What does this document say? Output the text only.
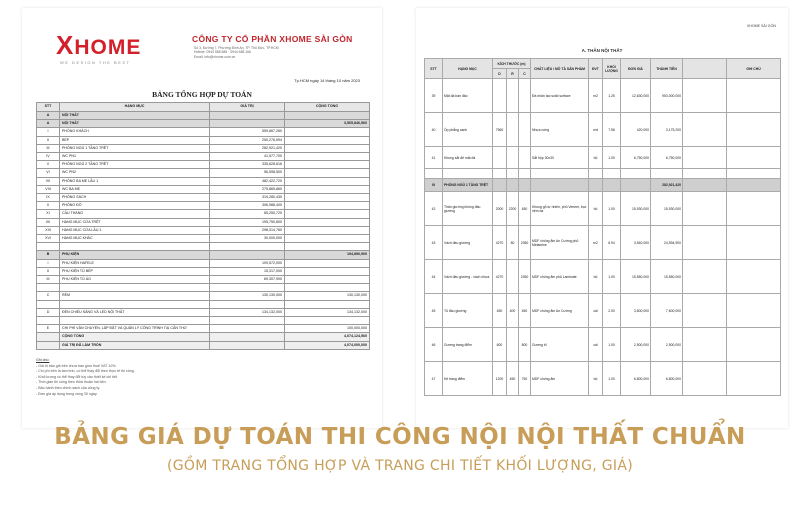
XHOME
WE DESIGN THE BEST
CÔNG TY CỔ PHẦN XHOME SÀI GÒN
Số 3, Đường 7, Phường Bình An, TP. Thủ Đức, TP.HCM
Hotline: 0944 588 688 · 0944 688 166
Email: info@xhome.com.vn
Tp.HCM ngày 14 tháng 10 năm 2023
BẢNG TỔNG HỢP DỰ TOÁN
STT	HẠNG MỤC	GIÁ TRỊ	CỘNG TỔNG
A	NỘI THẤT		
A	NỘI THẤT		3,565,846,560
I	PHÒNG KHÁCH	559,667,260	
II	BẾP	250,276,594	
III	PHÒNG NGỦ 1 TẦNG TRỆT	282,921,420	
IV	WC PN1	41,577,700	
V	PHÒNG NGỦ 2 TẦNG TRỆT	335,628,616	
VI	WC PN2	56,598,500	
VII	PHÒNG BA MẸ LẦU 1	482,422,720	
VIII	WC BA MẸ	275,865,860	
IX	PHÒNG SÁCH	319,280,430	
X	PHÒNG ĐỒ	306,988,400	
XI	CẦU THANG	65,250,720	
XII	HẠNG MỤC CỬA TRỆT	195,750,800	
XIII	HẠNG MỤC CỬA LẦU 1	298,314,760	
XVI	HẠNG MỤC KHÁC	30,000,000	

B	PHỤ KIỆN		194,896,900
I	PHỤ KIỆN HAFELE	109,572,000	
II	PHỤ KIỆN TỦ BẾP	15,317,000	
III	PHỤ KIỆN TỦ ÁO	69,307,900	

C	RÈM	130,130,000	130,130,000

D	ĐÈN CHIẾU SÁNG VÀ LED NỘI THẤT	134,132,000	134,132,000

E	CHI PHÍ VẬN CHUYỂN, LẮP ĐẶT VÀ QUẢN LÝ CÔNG TRÌNH TẠI CẦN THƠ		100,000,000
	CỘNG TỔNG		4,074,124,560
	GIÁ TRỊ ĐÃ LÀM TRÒN		4,074,000,000
Ghi chú:
- Giá trị báo giá trên chưa bao gồm thuế VAT 10%.
- Chi phí trên là tạm tính, có thể thay đổi theo thực tế thi công.
- Khối lượng có thể thay đổi tùy vào thiết kế chi tiết.
- Thời gian thi công theo thỏa thuận hai bên.
- Bảo hành theo chính sách của công ty.
- Đơn giá áp dụng trong vòng 30 ngày.
XHOME SÀI GÒN
A. THÂN NỘI THẤT
STT	HẠNG MỤC	KÍCH THƯỚC (m)			CHẤT LIỆU / MÔ TẢ SẢN PHẨM	ĐVT	KHỐI LƯỢNG	ĐƠN GIÁ	THÀNH TIỀN		GHI CHÚ
		D	R	C							
39	Mặt đá bàn đảo				Đá nhân tạo solid surface	m2	1.25	12,630,000	953,000,000	

40	Ốp phẳng cạnh	7560			Nhựa cứng	md	7.56	420,000	3,175,200	

41	Khung sắt đế mặt đá				Sắt hộp 30x30	bộ	1.00	6,750,000	6,750,000		

III	PHÒNG NGỦ 1 TẦNG TRỆT								282,921,420		
42	Thân giường không đầu giường	2000	2200	450	Khung gỗ tự nhiên, phủ Veneer, bọc nệm da	bộ	1.00	15,930,000	15,930,000	

43	Vách đầu giường	4270	80	2350	MDF chống ẩm An Cường phủ Melamine	m2	6.94	3,540,000	24,594,900	

44	Vách đầu giường - vách nhựa	4270		2350	MDF chống ẩm phủ Laminate	bộ	1.00	15,550,000	15,550,000	

45	Tủ đầu giường	450	400	450	MDF chống ẩm An Cường	cái	2.00	3,800,000	7,600,000	

46	Gương trang điểm	600		800	Gương bỉ	cái	1.00	2,500,000	2,500,000	

47	Kệ trang điểm	1200	450	750	MDF chống ẩm	bộ	1.00	6,800,000	6,800,000	

BẢNG GIÁ DỰ TOÁN THI CÔNG NỘI NỘI THẤT CHUẨN
(GỒM TRANG TỔNG HỢP VÀ TRANG CHI TIẾT KHỐI LƯỢNG, GIÁ)
